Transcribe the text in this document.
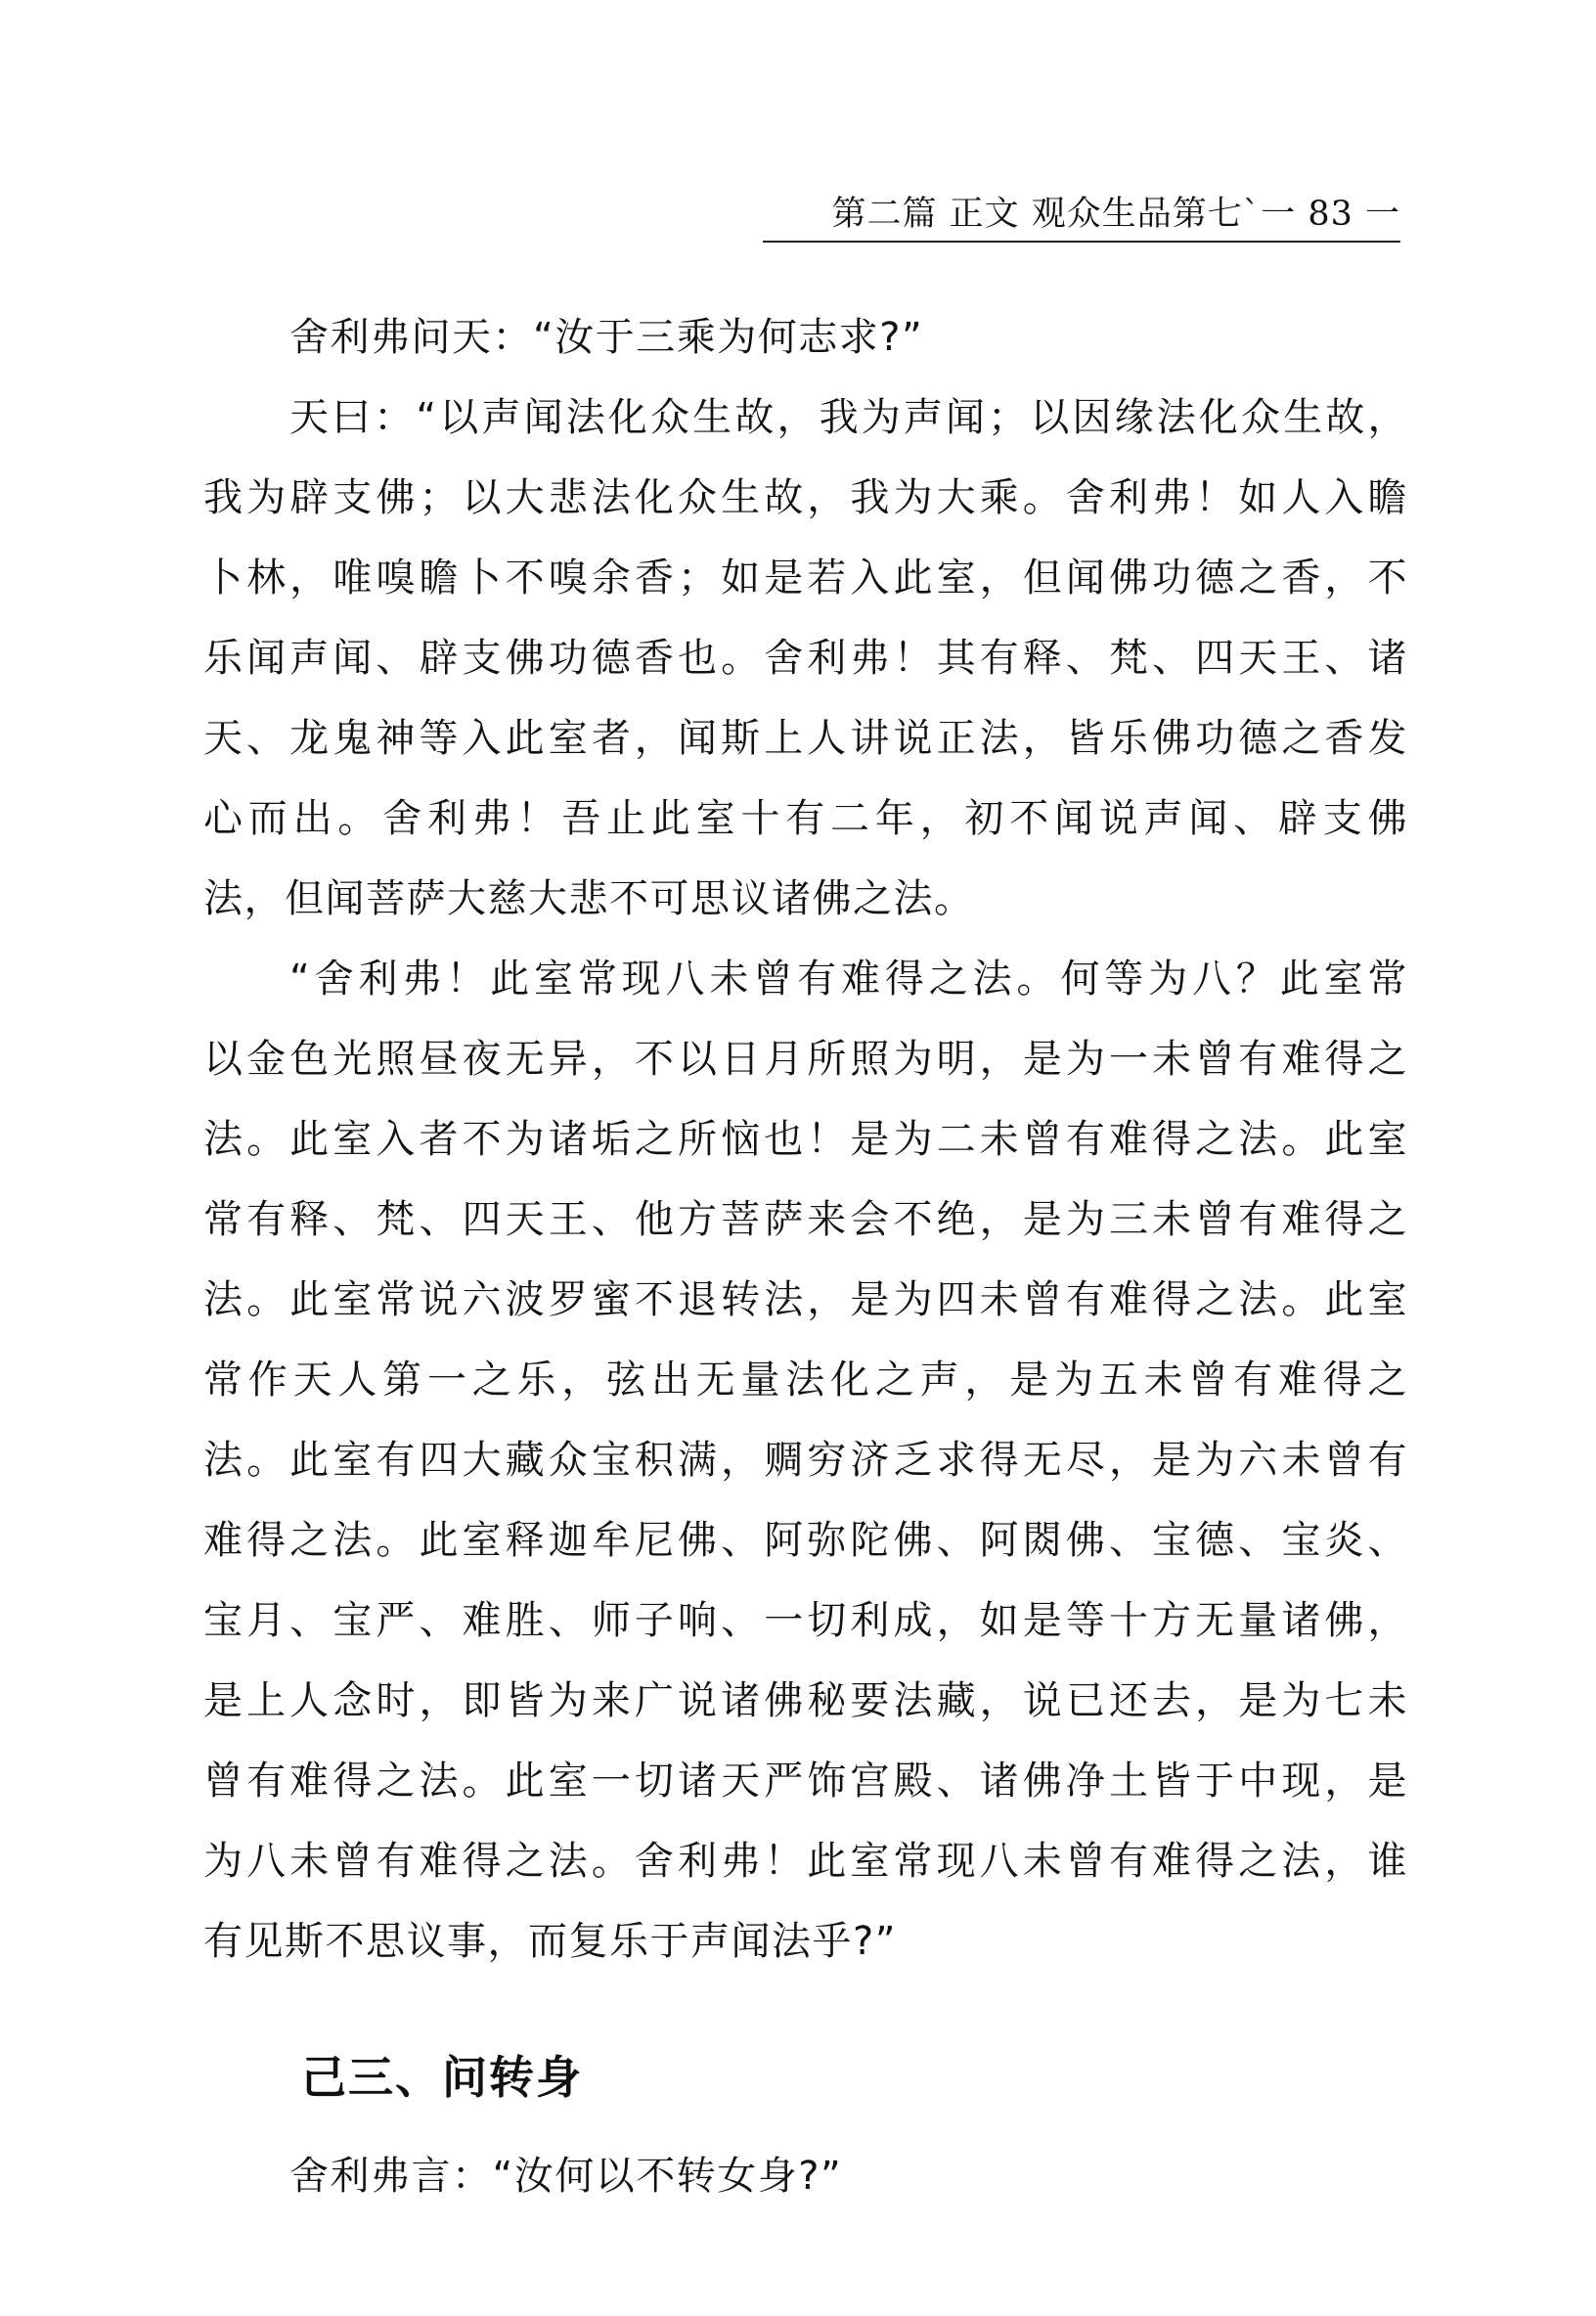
第二篇 正文 观众生品第七`一 83 一
舍利弗问天：“汝于三乘为何志求?”
天曰：“以声闻法化众生故，我为声闻；以因缘法化众生故，
我为辟支佛；以大悲法化众生故，我为大乘。舍利弗！如人入瞻
卜林，唯嗅瞻卜不嗅余香；如是若入此室，但闻佛功德之香，不
乐闻声闻、辟支佛功德香也。舍利弗！其有释、梵、四天王、诸
天、龙鬼神等入此室者，闻斯上人讲说正法，皆乐佛功德之香发
心而出。舍利弗！吾止此室十有二年，初不闻说声闻、辟支佛
法，但闻菩萨大慈大悲不可思议诸佛之法。
“舍利弗！此室常现八未曾有难得之法。何等为八？此室常
以金色光照昼夜无异，不以日月所照为明，是为一未曾有难得之
法。此室入者不为诸垢之所恼也！是为二未曾有难得之法。此室
常有释、梵、四天王、他方菩萨来会不绝，是为三未曾有难得之
法。此室常说六波罗蜜不退转法，是为四未曾有难得之法。此室
常作天人第一之乐，弦出无量法化之声，是为五未曾有难得之
法。此室有四大藏众宝积满，赒穷济乏求得无尽，是为六未曾有
难得之法。此室释迦牟尼佛、阿弥陀佛、阿閦佛、宝德、宝炎、
宝月、宝严、难胜、师子响、一切利成，如是等十方无量诸佛，
是上人念时，即皆为来广说诸佛秘要法藏，说已还去，是为七未
曾有难得之法。此室一切诸天严饰宫殿、诸佛净土皆于中现，是
为八未曾有难得之法。舍利弗！此室常现八未曾有难得之法，谁
有见斯不思议事，而复乐于声闻法乎?”
己三、问转身
舍利弗言：“汝何以不转女身?”
